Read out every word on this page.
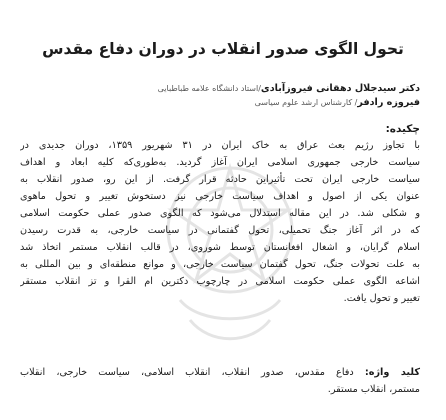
تحول الگوی صدور انقلاب در دوران دفاع مقدس
دکتر سیدجلال دهقانی فیروزآبادی/استاد دانشگاه علامه طباطبایی
فیروزه رادفر/ کارشناس ارشد علوم سیاسی
چکیده:
با تجاوز رژیم بعث عراق به خاک ایران در ۳۱ شهریور ۱۳۵۹، دوران جدیدی در
سیاست خارجی جمهوری اسلامی ایران آغاز گردید. به‌طوری‌که کلیه ابعاد و اهداف
سیاست خارجی ایران تحت تأثیراین حادثه قرار گرفت. از این رو، صدور انقلاب به
عنوان یکی از اصول و اهداف سیاست خارجی نیز دستخوش تغییر و تحول ماهوی
و شکلی شد. در این مقاله استدلال می‌شود که الگوی صدور عملی حکومت اسلامی
که در اثر آغاز جنگ تحمیلی، تحول گفتمانی در سیاست خارجی، به قدرت رسیدن
اسلام گرایان، و اشغال افغانستان توسط شوروی، در قالب انقلاب مستمر اتخاذ شد
به علت تحولات جنگ، تحول گفتمان سیاست خارجی، و موانع منطقه‌ای و بین المللی به
اشاعه الگوی عملی حکومت اسلامی در چارچوب دکترین ام القرا و تز انقلاب مستقر
تغییر و تحول یافت.
کلید واژه: دفاع مقدس، صدور انقلاب، انقلاب اسلامی، سیاست خارجی، انقلاب
مستمر، انقلاب مستقر.
